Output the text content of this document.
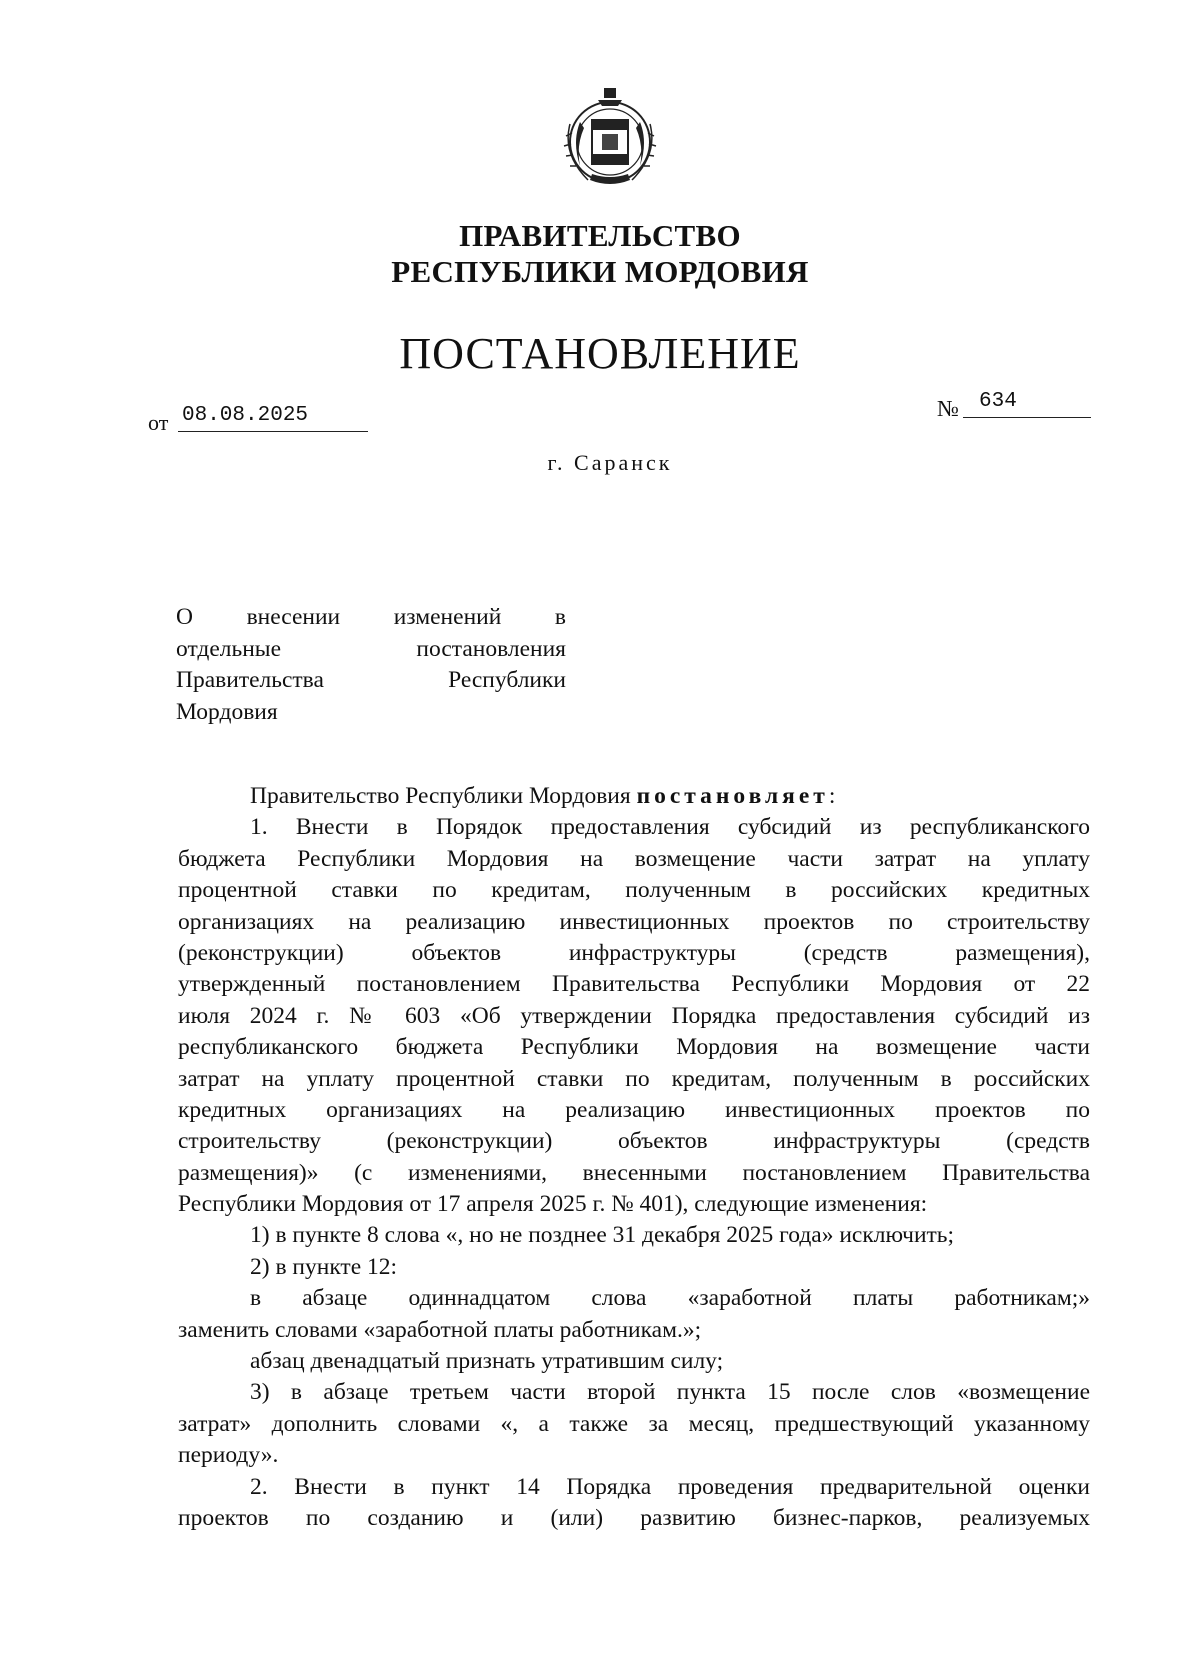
ПРАВИТЕЛЬСТВО
РЕСПУБЛИКИ МОРДОВИЯ
ПОСТАНОВЛЕНИЕ
от 08.08.2025	№ 634
г. Саранск
О внесении изменений в
отдельные постановления
Правительства Республики
Мордовия
Правительство Республики Мордовия постановляет:
1. Внести в Порядок предоставления субсидий из республиканского
бюджета Республики Мордовия на возмещение части затрат на уплату
процентной ставки по кредитам, полученным в российских кредитных
организациях на реализацию инвестиционных проектов по строительству
(реконструкции) объектов инфраструктуры (средств размещения),
утвержденный постановлением Правительства Республики Мордовия от 22
июля 2024 г. № 603 «Об утверждении Порядка предоставления субсидий из
республиканского бюджета Республики Мордовия на возмещение части
затрат на уплату процентной ставки по кредитам, полученным в российских
кредитных организациях на реализацию инвестиционных проектов по
строительству (реконструкции) объектов инфраструктуры (средств
размещения)» (с изменениями, внесенными постановлением Правительства
Республики Мордовия от 17 апреля 2025 г. № 401), следующие изменения:
1) в пункте 8 слова «, но не позднее 31 декабря 2025 года» исключить;
2) в пункте 12:
в абзаце одиннадцатом слова «заработной платы работникам;»
заменить словами «заработной платы работникам.»;
абзац двенадцатый признать утратившим силу;
3) в абзаце третьем части второй пункта 15 после слов «возмещение
затрат» дополнить словами «, а также за месяц, предшествующий указанному
периоду».
2. Внести в пункт 14 Порядка проведения предварительной оценки
проектов по созданию и (или) развитию бизнес-парков, реализуемых
